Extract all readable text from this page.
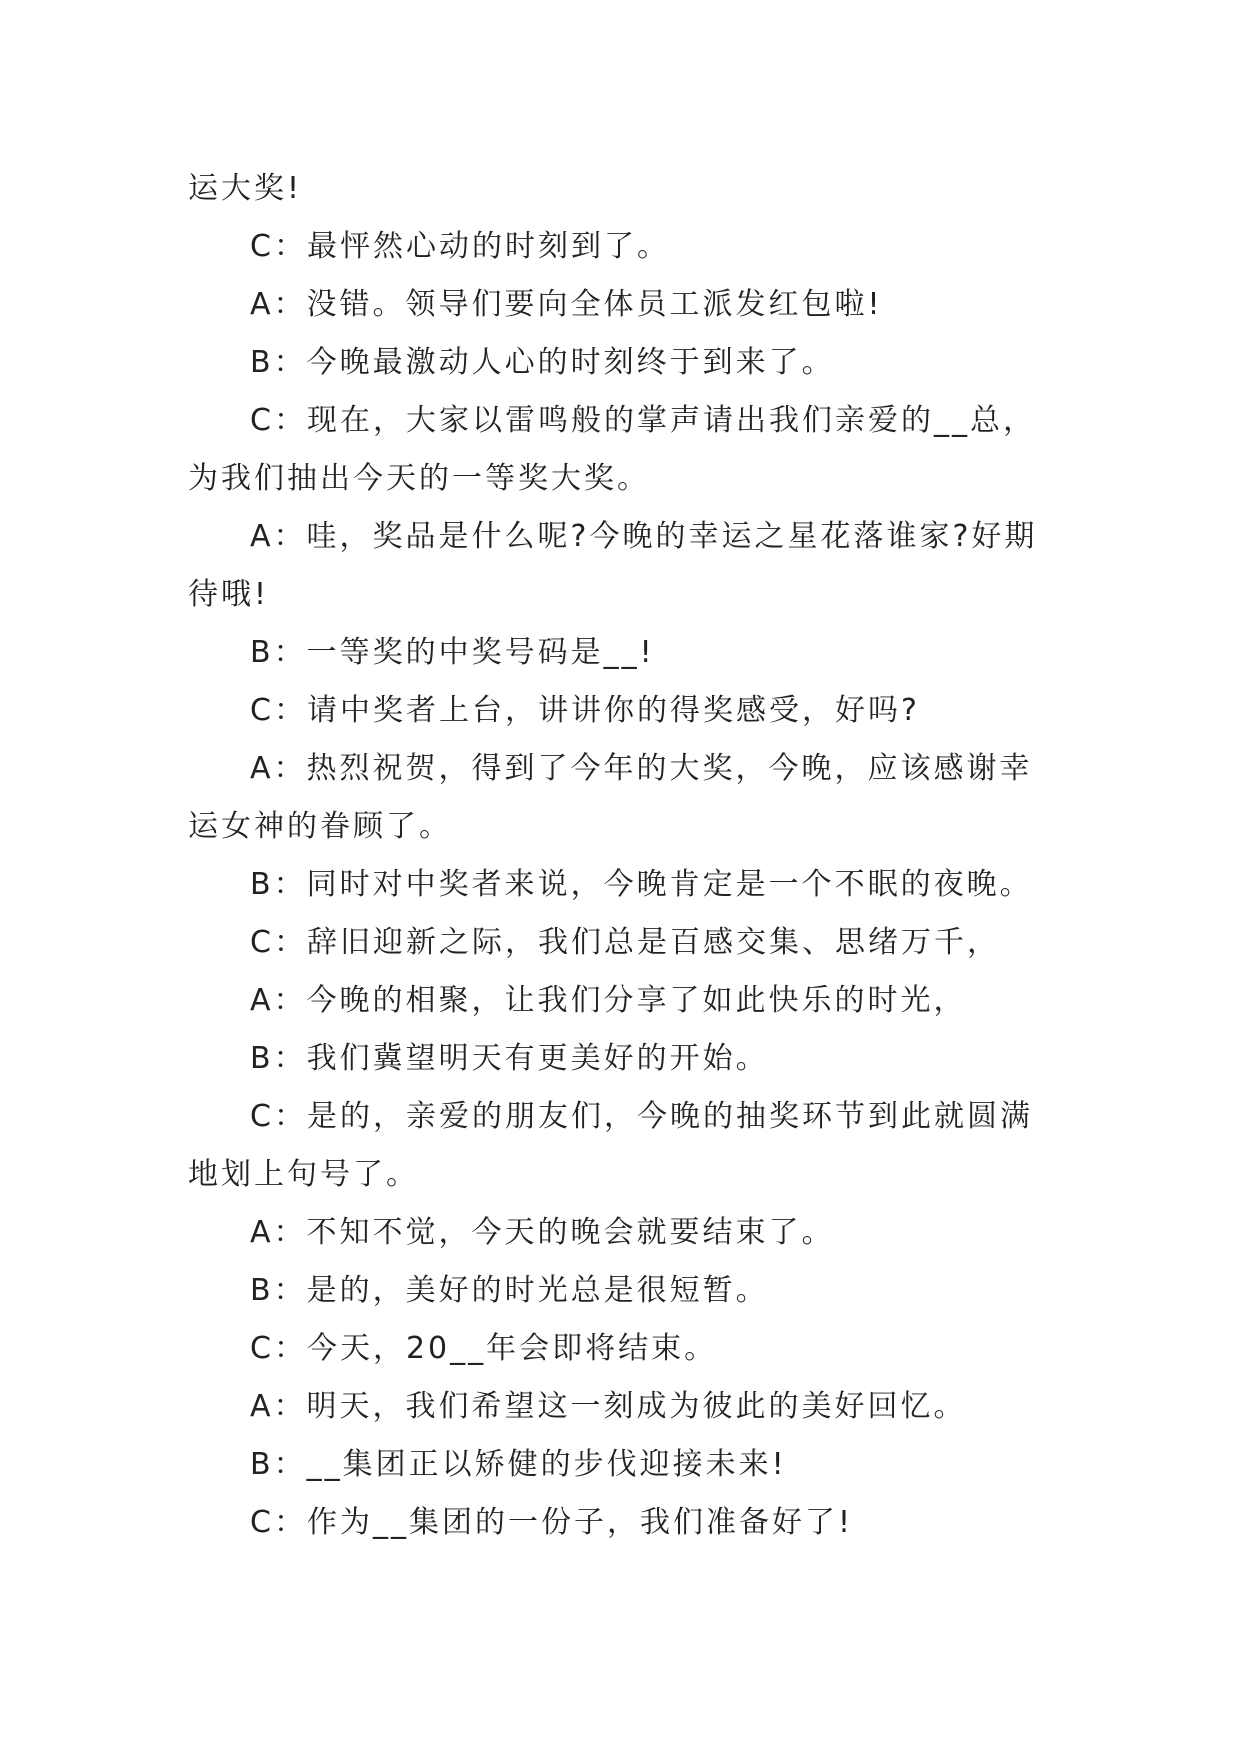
运大奖!

C：最怦然心动的时刻到了。

A：没错。领导们要向全体员工派发红包啦!

B：今晚最激动人心的时刻终于到来了。

C：现在，大家以雷鸣般的掌声请出我们亲爱的__总，为我们抽出今天的一等奖大奖。

A：哇，奖品是什么呢?今晚的幸运之星花落谁家?好期待哦!

B：一等奖的中奖号码是__!

C：请中奖者上台，讲讲你的得奖感受，好吗?

A：热烈祝贺，得到了今年的大奖，今晚，应该感谢幸运女神的眷顾了。

B：同时对中奖者来说，今晚肯定是一个不眠的夜晚。

C：辞旧迎新之际，我们总是百感交集、思绪万千，

A：今晚的相聚，让我们分享了如此快乐的时光，

B：我们冀望明天有更美好的开始。

C：是的，亲爱的朋友们，今晚的抽奖环节到此就圆满地划上句号了。

A：不知不觉，今天的晚会就要结束了。

B：是的，美好的时光总是很短暂。

C：今天，20__年会即将结束。

A：明天，我们希望这一刻成为彼此的美好回忆。

B：__集团正以矫健的步伐迎接未来!

C：作为__集团的一份子，我们准备好了!
